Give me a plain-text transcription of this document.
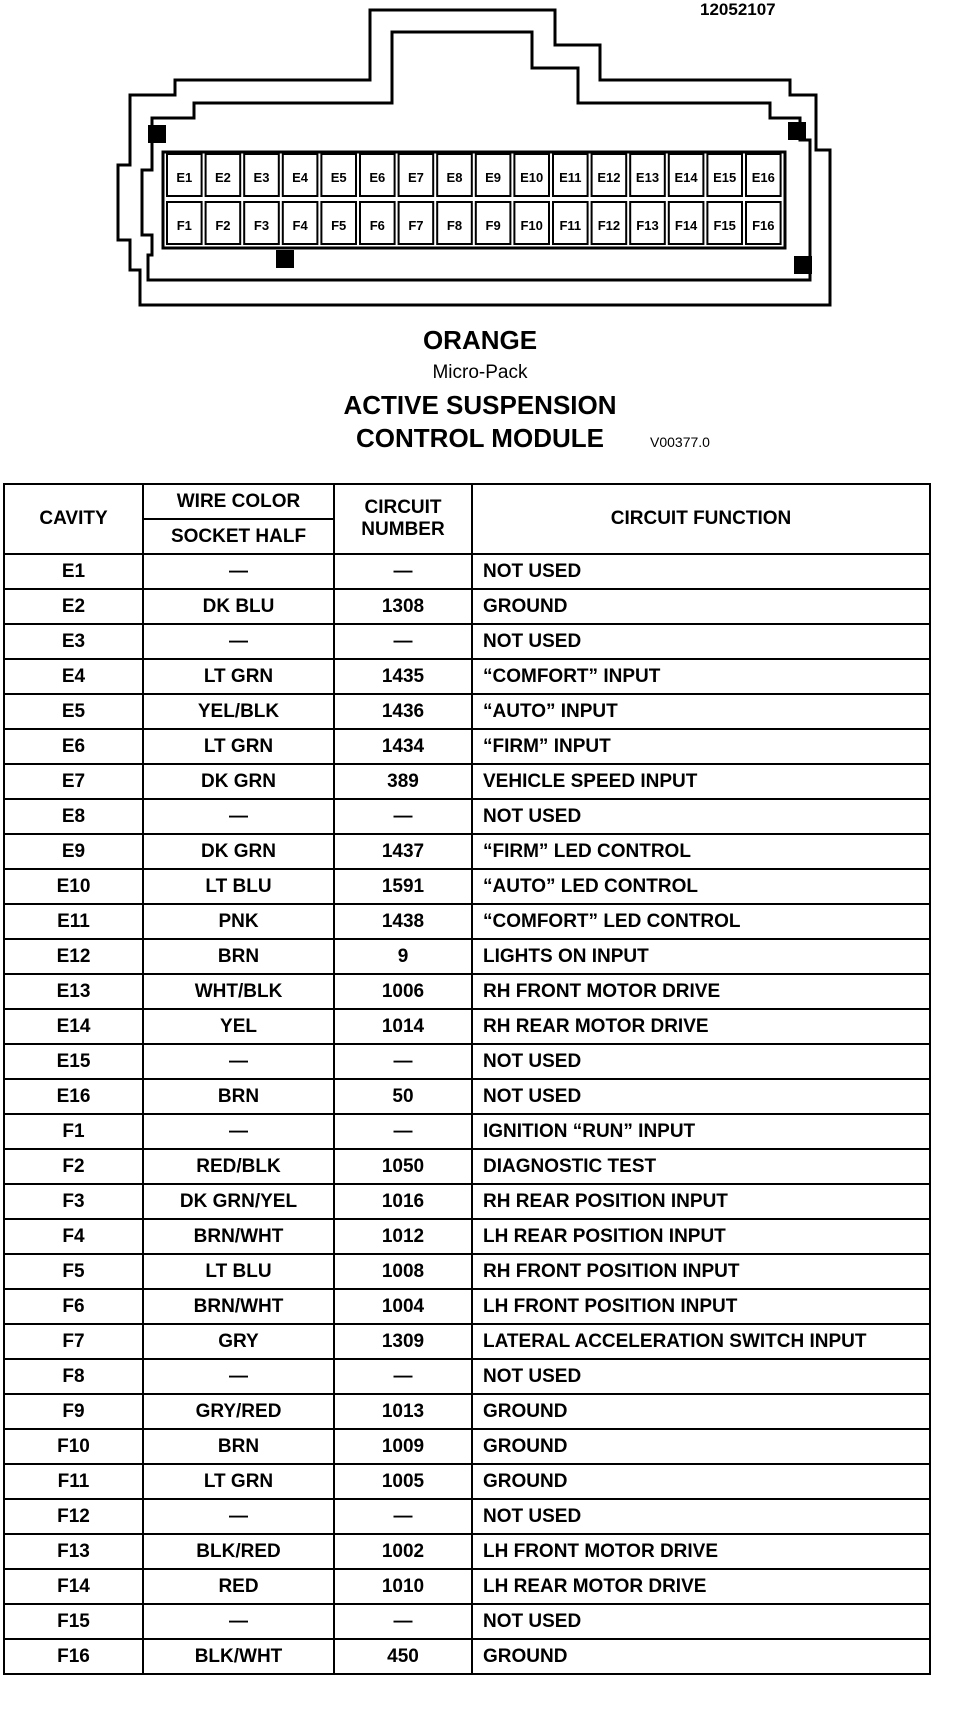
12052107
E1 E2 E3 E4 E5 E6 E7 E8 E9 E10 E11 E12 E13 E14 E15 E16
F1 F2 F3 F4 F5 F6 F7 F8 F9 F10 F11 F12 F13 F14 F15 F16
ORANGE
Micro-Pack
ACTIVE SUSPENSION
CONTROL MODULE	V00377.0
CAVITY	WIRE COLOR	CIRCUIT NUMBER	CIRCUIT FUNCTION
	SOCKET HALF		
E1	—	—	NOT USED
E2	DK BLU	1308	GROUND
E3	—	—	NOT USED
E4	LT GRN	1435	“COMFORT” INPUT
E5	YEL/BLK	1436	“AUTO” INPUT
E6	LT GRN	1434	“FIRM” INPUT
E7	DK GRN	389	VEHICLE SPEED INPUT
E8	—	—	NOT USED
E9	DK GRN	1437	“FIRM” LED CONTROL
E10	LT BLU	1591	“AUTO” LED CONTROL
E11	PNK	1438	“COMFORT” LED CONTROL
E12	BRN	9	LIGHTS ON INPUT
E13	WHT/BLK	1006	RH FRONT MOTOR DRIVE
E14	YEL	1014	RH REAR MOTOR DRIVE
E15	—	—	NOT USED
E16	BRN	50	NOT USED
F1	—	—	IGNITION “RUN” INPUT
F2	RED/BLK	1050	DIAGNOSTIC TEST
F3	DK GRN/YEL	1016	RH REAR POSITION INPUT
F4	BRN/WHT	1012	LH REAR POSITION INPUT
F5	LT BLU	1008	RH FRONT POSITION INPUT
F6	BRN/WHT	1004	LH FRONT POSITION INPUT
F7	GRY	1309	LATERAL ACCELERATION SWITCH INPUT
F8	—	—	NOT USED
F9	GRY/RED	1013	GROUND
F10	BRN	1009	GROUND
F11	LT GRN	1005	GROUND
F12	—	—	NOT USED
F13	BLK/RED	1002	LH FRONT MOTOR DRIVE
F14	RED	1010	LH REAR MOTOR DRIVE
F15	—	—	NOT USED
F16	BLK/WHT	450	GROUND
